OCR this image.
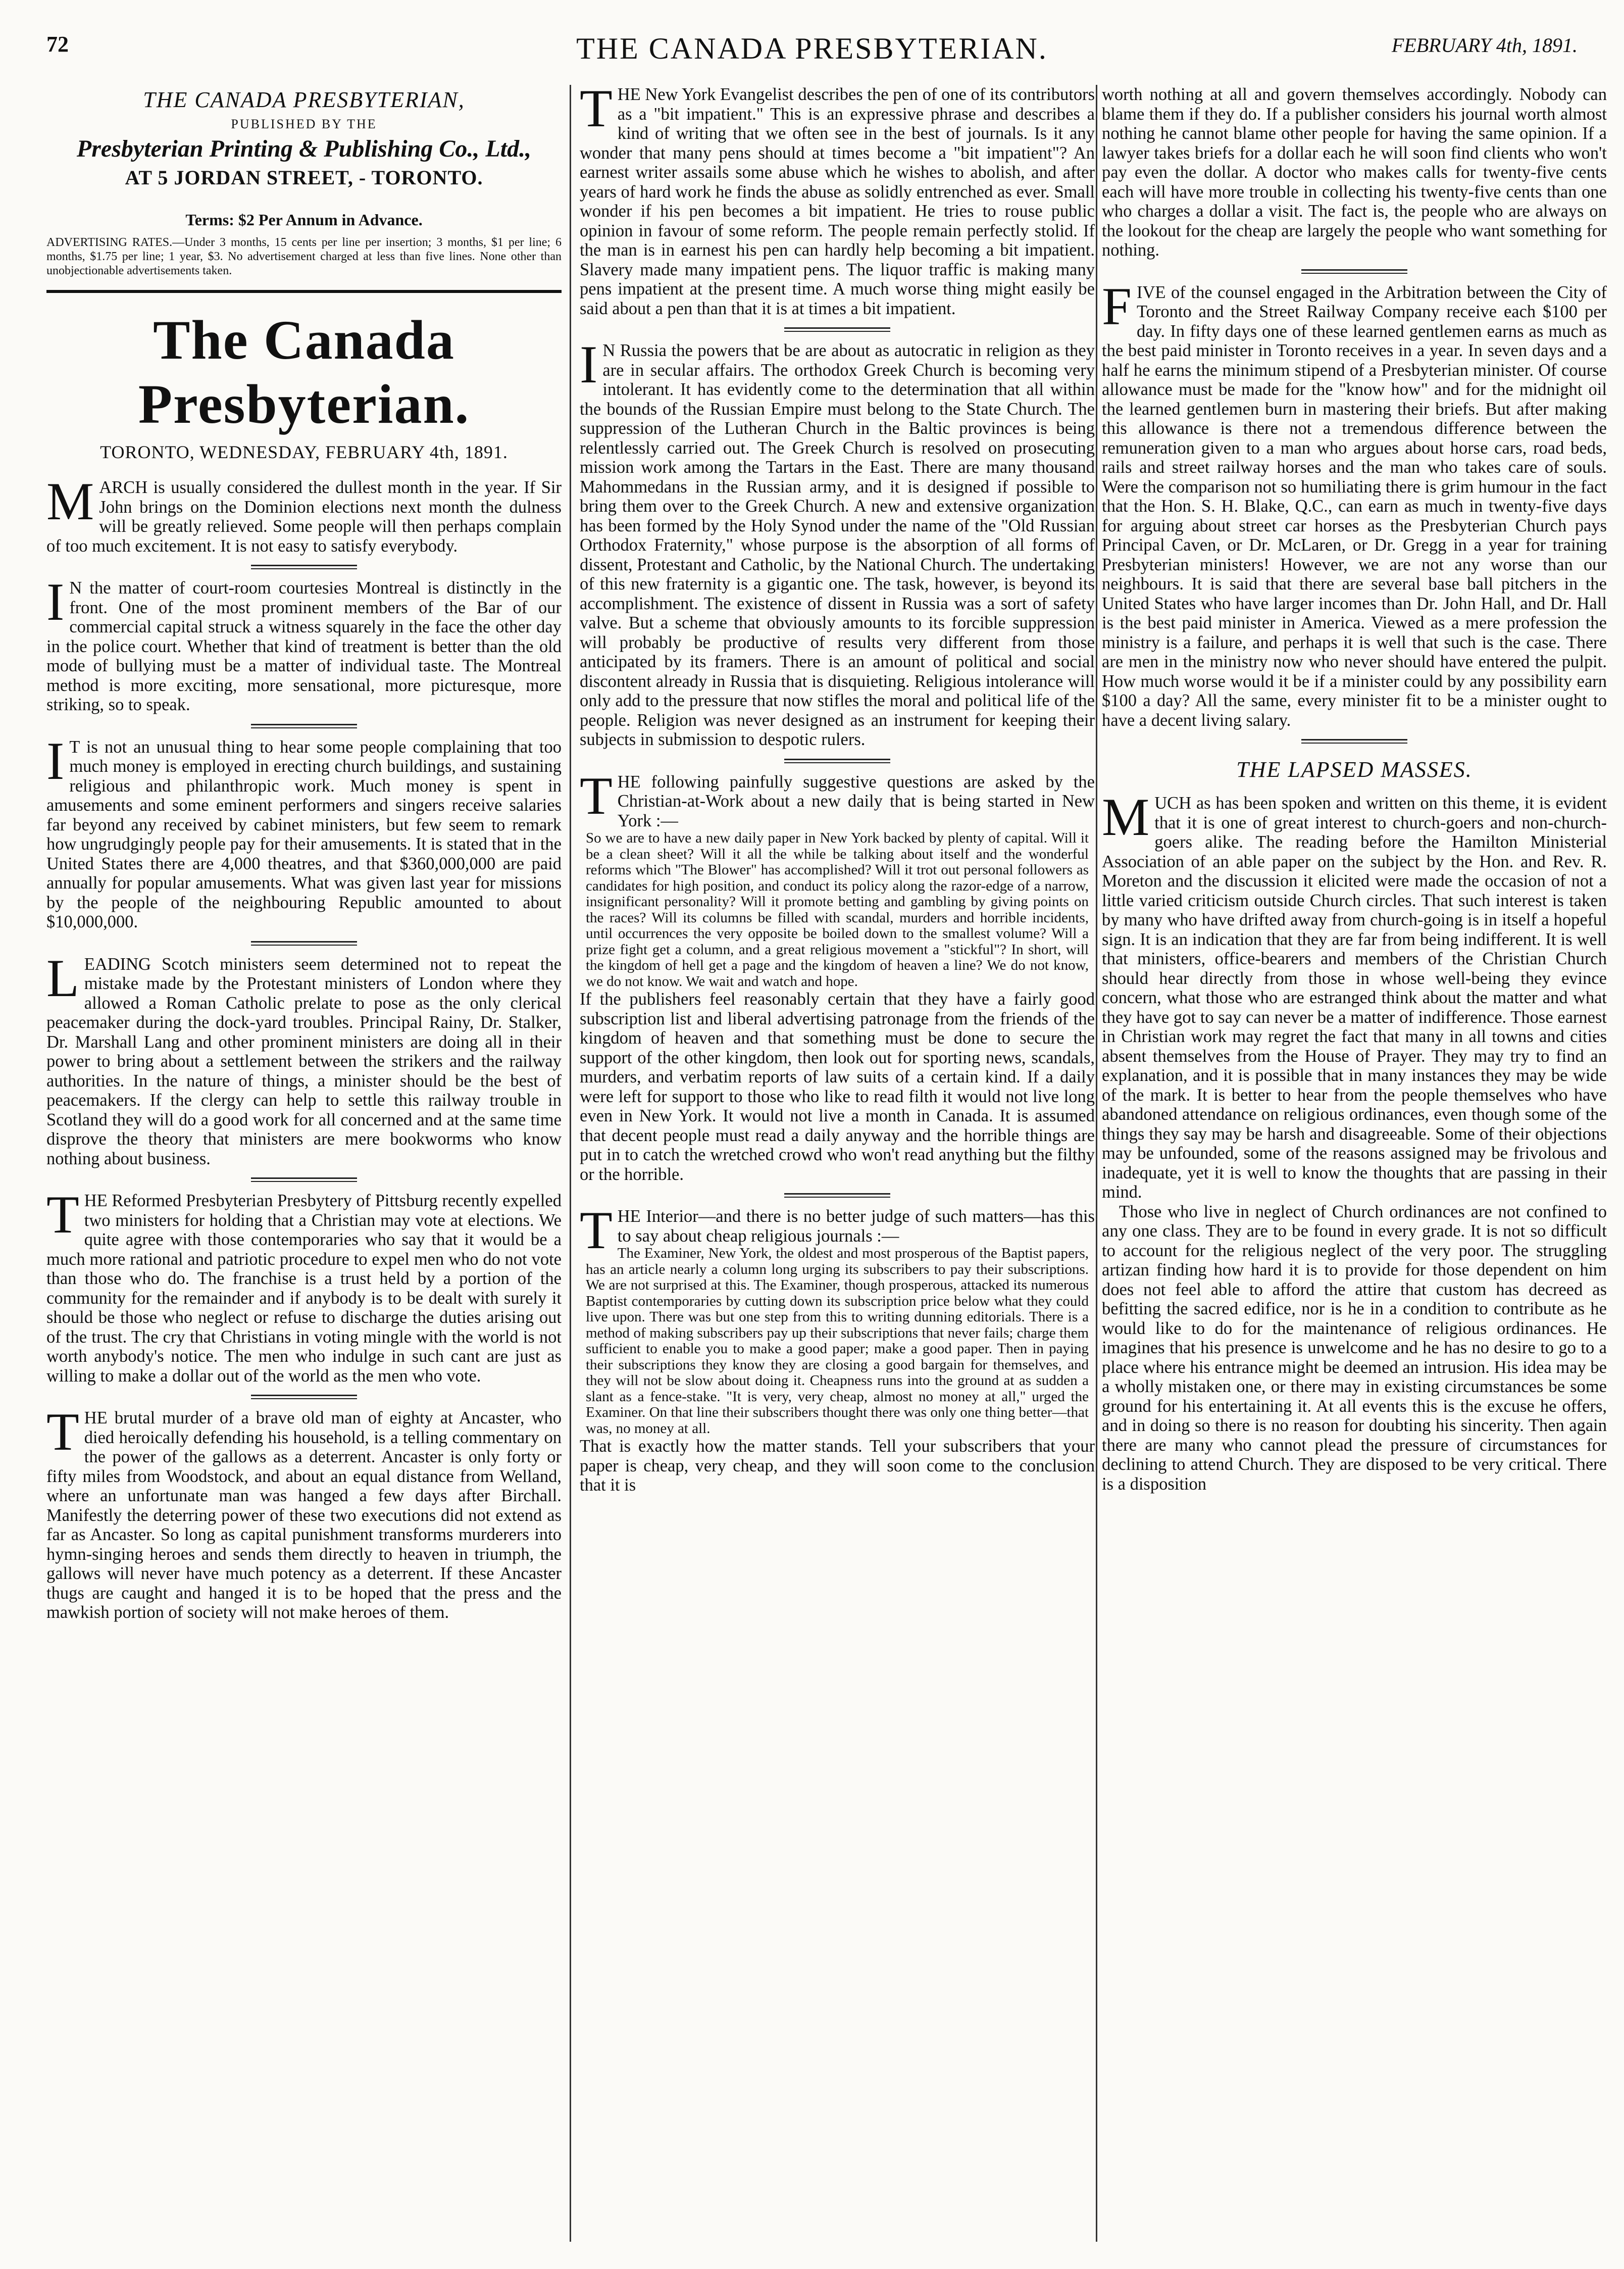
72	THE CANADA PRESBYTERIAN.	FEBRUARY 4th, 1891.
THE CANADA PRESBYTERIAN,
PUBLISHED BY THE
Presbyterian Printing & Publishing Co., Ltd.,
AT 5 JORDAN STREET, - TORONTO.
Terms: $2 Per Annum in Advance.

ADVERTISING RATES.—Under 3 months, 15 cents per line per insertion; 3 months, $1 per line; 6 months, $1.75 per line; 1 year, $3. No advertisement charged at less than five lines. None other than unobjectionable advertisements taken.

The Canada Presbyterian.
TORONTO, WEDNESDAY, FEBRUARY 4th, 1891.

MARCH is usually considered the dullest month in the year. If Sir John brings on the Dominion elections next month the dulness will be greatly relieved. Some people will then perhaps complain of too much excitement. It is not easy to satisfy everybody.

I N the matter of court-room courtesies Montreal is distinctly in the front. One of the most prominent members of the Bar of our commercial capital struck a witness squarely in the face the other day in the police court. Whether that kind of treatment is better than the old mode of bullying must be a matter of individual taste. The Montreal method is more exciting, more sensational, more picturesque, more striking, so to speak.

I T is not an unusual thing to hear some people complaining that too much money is employed in erecting church buildings, and sustaining religious and philanthropic work. Much money is spent in amusements and some eminent performers and singers receive salaries far beyond any received by cabinet ministers, but few seem to remark how ungrudgingly people pay for their amusements. It is stated that in the United States there are 4,000 theatres, and that $360,000,000 are paid annually for popular amusements. What was given last year for missions by the people of the neighbouring Republic amounted to about $10,000,000.

LEADING Scotch ministers seem determined not to repeat the mistake made by the Protestant ministers of London where they allowed a Roman Catholic prelate to pose as the only clerical peacemaker during the dock-yard troubles. Principal Rainy, Dr. Stalker, Dr. Marshall Lang and other prominent ministers are doing all in their power to bring about a settlement between the strikers and the railway authorities. In the nature of things, a minister should be the best of peacemakers. If the clergy can help to settle this railway trouble in Scotland they will do a good work for all concerned and at the same time disprove the theory that ministers are mere bookworms who know nothing about business.

THE Reformed Presbyterian Presbytery of Pittsburg recently expelled two ministers for holding that a Christian may vote at elections. We quite agree with those contemporaries who say that it would be a much more rational and patriotic procedure to expel men who do not vote than those who do. The franchise is a trust held by a portion of the community for the remainder and if anybody is to be dealt with surely it should be those who neglect or refuse to discharge the duties arising out of the trust. The cry that Christians in voting mingle with the world is not worth anybody's notice. The men who indulge in such cant are just as willing to make a dollar out of the world as the men who vote.

THE brutal murder of a brave old man of eighty at Ancaster, who died heroically defending his household, is a telling commentary on the power of the gallows as a deterrent. Ancaster is only forty or fifty miles from Woodstock, and about an equal distance from Welland, where an unfortunate man was hanged a few days after Birchall. Manifestly the deterring power of these two executions did not extend as far as Ancaster. So long as capital punishment transforms murderers into hymn-singing heroes and sends them directly to heaven in triumph, the gallows will never have much potency as a deterrent. If these Ancaster thugs are caught and hanged it is to be hoped that the press and the mawkish portion of society will not make heroes of them.

THE New York Evangelist describes the pen of one of its contributors as a "bit impatient." This is an expressive phrase and describes a kind of writing that we often see in the best of journals. Is it any wonder that many pens should at times become a "bit impatient"? An earnest writer assails some abuse which he wishes to abolish, and after years of hard work he finds the abuse as solidly entrenched as ever. Small wonder if his pen becomes a bit impatient. He tries to rouse public opinion in favour of some reform. The people remain perfectly stolid. If the man is in earnest his pen can hardly help becoming a bit impatient. Slavery made many impatient pens. The liquor traffic is making many pens impatient at the present time. A much worse thing might easily be said about a pen than that it is at times a bit impatient.

I N Russia the powers that be are about as autocratic in religion as they are in secular affairs. The orthodox Greek Church is becoming very intolerant. It has evidently come to the determination that all within the bounds of the Russian Empire must belong to the State Church. The suppression of the Lutheran Church in the Baltic provinces is being relentlessly carried out. The Greek Church is resolved on prosecuting mission work among the Tartars in the East. There are many thousand Mahommedans in the Russian army, and it is designed if possible to bring them over to the Greek Church. A new and extensive organization has been formed by the Holy Synod under the name of the "Old Russian Orthodox Fraternity," whose purpose is the absorption of all forms of dissent, Protestant and Catholic, by the National Church. The undertaking of this new fraternity is a gigantic one. The task, however, is beyond its accomplishment. The existence of dissent in Russia was a sort of safety valve. But a scheme that obviously amounts to its forcible suppression will probably be productive of results very different from those anticipated by its framers. There is an amount of political and social discontent already in Russia that is disquieting. Religious intolerance will only add to the pressure that now stifles the moral and political life of the people. Religion was never designed as an instrument for keeping their subjects in submission to despotic rulers.

THE following painfully suggestive questions are asked by the Christian-at-Work about a new daily that is being started in New York :—

So we are to have a new daily paper in New York backed by plenty of capital. Will it be a clean sheet? Will it all the while be talking about itself and the wonderful reforms which "The Blower" has accomplished? Will it trot out personal followers as candidates for high position, and conduct its policy along the razor-edge of a narrow, insignificant personality? Will it promote betting and gambling by giving points on the races? Will its columns be filled with scandal, murders and horrible incidents, until occurrences the very opposite be boiled down to the smallest volume? Will a prize fight get a column, and a great religious movement a "stickful"? In short, will the kingdom of hell get a page and the kingdom of heaven a line? We do not know, we do not know. We wait and watch and hope.

If the publishers feel reasonably certain that they have a fairly good subscription list and liberal advertising patronage from the friends of the kingdom of heaven and that something must be done to secure the support of the other kingdom, then look out for sporting news, scandals, murders, and verbatim reports of law suits of a certain kind. If a daily were left for support to those who like to read filth it would not live long even in New York. It would not live a month in Canada. It is assumed that decent people must read a daily anyway and the horrible things are put in to catch the wretched crowd who won't read anything but the filthy or the horrible.

THE Interior—and there is no better judge of such matters—has this to say about cheap religious journals :—

The Examiner, New York, the oldest and most prosperous of the Baptist papers, has an article nearly a column long urging its subscribers to pay their subscriptions. We are not surprised at this. The Examiner, though prosperous, attacked its numerous Baptist contemporaries by cutting down its subscription price below what they could live upon. There was but one step from this to writing dunning editorials. There is a method of making subscribers pay up their subscriptions that never fails; charge them sufficient to enable you to make a good paper; make a good paper. Then in paying their subscriptions they know they are closing a good bargain for themselves, and they will not be slow about doing it. Cheapness runs into the ground at as sudden a slant as a fence-stake. "It is very, very cheap, almost no money at all," urged the Examiner. On that line their subscribers thought there was only one thing better—that was, no money at all.

That is exactly how the matter stands. Tell your subscribers that your paper is cheap, very cheap, and they will soon come to the conclusion that it is

worth nothing at all and govern themselves accordingly. Nobody can blame them if they do. If a publisher considers his journal worth almost nothing he cannot blame other people for having the same opinion. If a lawyer takes briefs for a dollar each he will soon find clients who won't pay even the dollar. A doctor who makes calls for twenty-five cents each will have more trouble in collecting his twenty-five cents than one who charges a dollar a visit. The fact is, the people who are always on the lookout for the cheap are largely the people who want something for nothing.

FIVE of the counsel engaged in the Arbitration between the City of Toronto and the Street Railway Company receive each $100 per day. In fifty days one of these learned gentlemen earns as much as the best paid minister in Toronto receives in a year. In seven days and a half he earns the minimum stipend of a Presbyterian minister. Of course allowance must be made for the "know how" and for the midnight oil the learned gentlemen burn in mastering their briefs. But after making this allowance is there not a tremendous difference between the remuneration given to a man who argues about horse cars, road beds, rails and street railway horses and the man who takes care of souls. Were the comparison not so humiliating there is grim humour in the fact that the Hon. S. H. Blake, Q.C., can earn as much in twenty-five days for arguing about street car horses as the Presbyterian Church pays Principal Caven, or Dr. McLaren, or Dr. Gregg in a year for training Presbyterian ministers! However, we are not any worse than our neighbours. It is said that there are several base ball pitchers in the United States who have larger incomes than Dr. John Hall, and Dr. Hall is the best paid minister in America. Viewed as a mere profession the ministry is a failure, and perhaps it is well that such is the case. There are men in the ministry now who never should have entered the pulpit. How much worse would it be if a minister could by any possibility earn $100 a day? All the same, every minister fit to be a minister ought to have a decent living salary.

THE LAPSED MASSES.

MUCH as has been spoken and written on this theme, it is evident that it is one of great interest to church-goers and non-church-goers alike. The reading before the Hamilton Ministerial Association of an able paper on the subject by the Hon. and Rev. R. Moreton and the discussion it elicited were made the occasion of not a little varied criticism outside Church circles. That such interest is taken by many who have drifted away from church-going is in itself a hopeful sign. It is an indication that they are far from being indifferent. It is well that ministers, office-bearers and members of the Christian Church should hear directly from those in whose well-being they evince concern, what those who are estranged think about the matter and what they have got to say can never be a matter of indifference. Those earnest in Christian work may regret the fact that many in all towns and cities absent themselves from the House of Prayer. They may try to find an explanation, and it is possible that in many instances they may be wide of the mark. It is better to hear from the people themselves who have abandoned attendance on religious ordinances, even though some of the things they say may be harsh and disagreeable. Some of their objections may be unfounded, some of the reasons assigned may be frivolous and inadequate, yet it is well to know the thoughts that are passing in their mind.

Those who live in neglect of Church ordinances are not confined to any one class. They are to be found in every grade. It is not so difficult to account for the religious neglect of the very poor. The struggling artizan finding how hard it is to provide for those dependent on him does not feel able to afford the attire that custom has decreed as befitting the sacred edifice, nor is he in a condition to contribute as he would like to do for the maintenance of religious ordinances. He imagines that his presence is unwelcome and he has no desire to go to a place where his entrance might be deemed an intrusion. His idea may be a wholly mistaken one, or there may in existing circumstances be some ground for his entertaining it. At all events this is the excuse he offers, and in doing so there is no reason for doubting his sincerity. Then again there are many who cannot plead the pressure of circumstances for declining to attend Church. They are disposed to be very critical. There is a disposition
